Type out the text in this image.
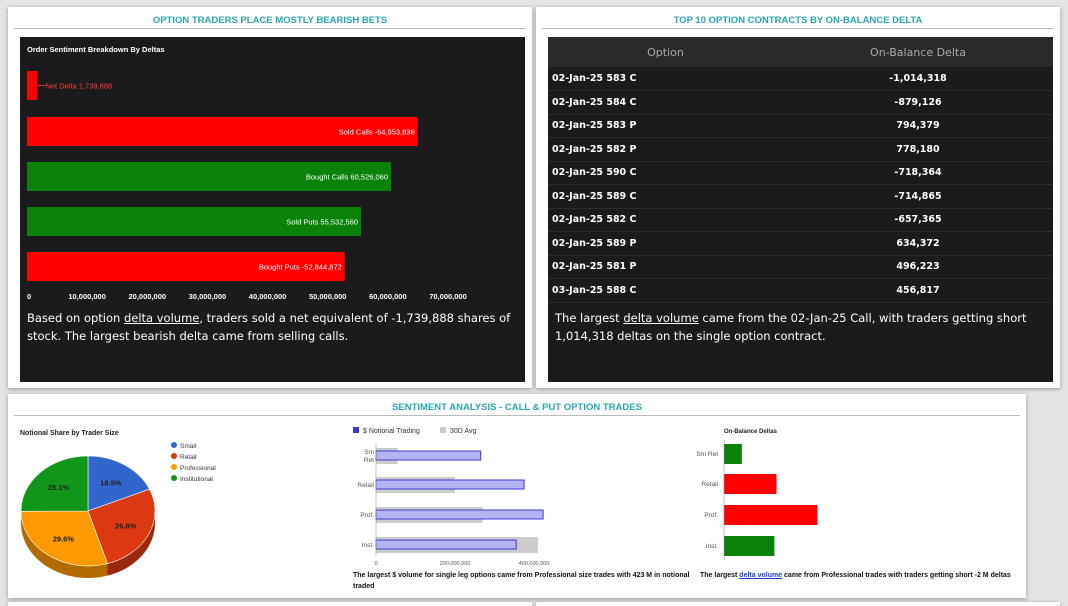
OPTION TRADERS PLACE MOSTLY BEARISH BETS
Order Sentiment Breakdown By Deltas
Net Delta 1,739,888
Sold Calls -64,953,836
Bought Calls 60,526,060
Sold Puts 55,532,560
Bought Puts -52,844,872
0	10,000,000	20,000,000	30,000,000	40,000,000	50,000,000	60,000,000	70,000,000
Based on option delta volume, traders sold a net equivalent of -1,739,888 shares of stock. The largest bearish delta came from selling calls.
TOP 10 OPTION CONTRACTS BY ON-BALANCE DELTA
Option	On-Balance Delta
02-Jan-25 583 C	-1,014,318
02-Jan-25 584 C	-879,126
02-Jan-25 583 P	794,379
02-Jan-25 582 P	778,180
02-Jan-25 590 C	-718,364
02-Jan-25 589 C	-714,865
02-Jan-25 582 C	-657,365
02-Jan-25 589 P	634,372
02-Jan-25 581 P	496,223
03-Jan-25 588 C	456,817
The largest delta volume came from the 02-Jan-25 Call, with traders getting short 1,014,318 deltas on the single option contract.
SENTIMENT ANALYSIS - CALL & PUT OPTION TRADES
Notional Share by Trader Size
18.5%
26.8%
29.6%
25.1%
Small
Retail
Professional
Institutional
$ Notional Trading	30D Avg
Sm
Ret
Retail
Prof.
Inst.
0	200,000,000	400,000,000
The largest $ volume for single leg options came from Professional size trades with 423 M in notional traded
On-Balance Deltas
Sm Ret
Retail
Prof.
Inst.
The largest delta volume came from Professional trades with traders getting short -2 M deltas
